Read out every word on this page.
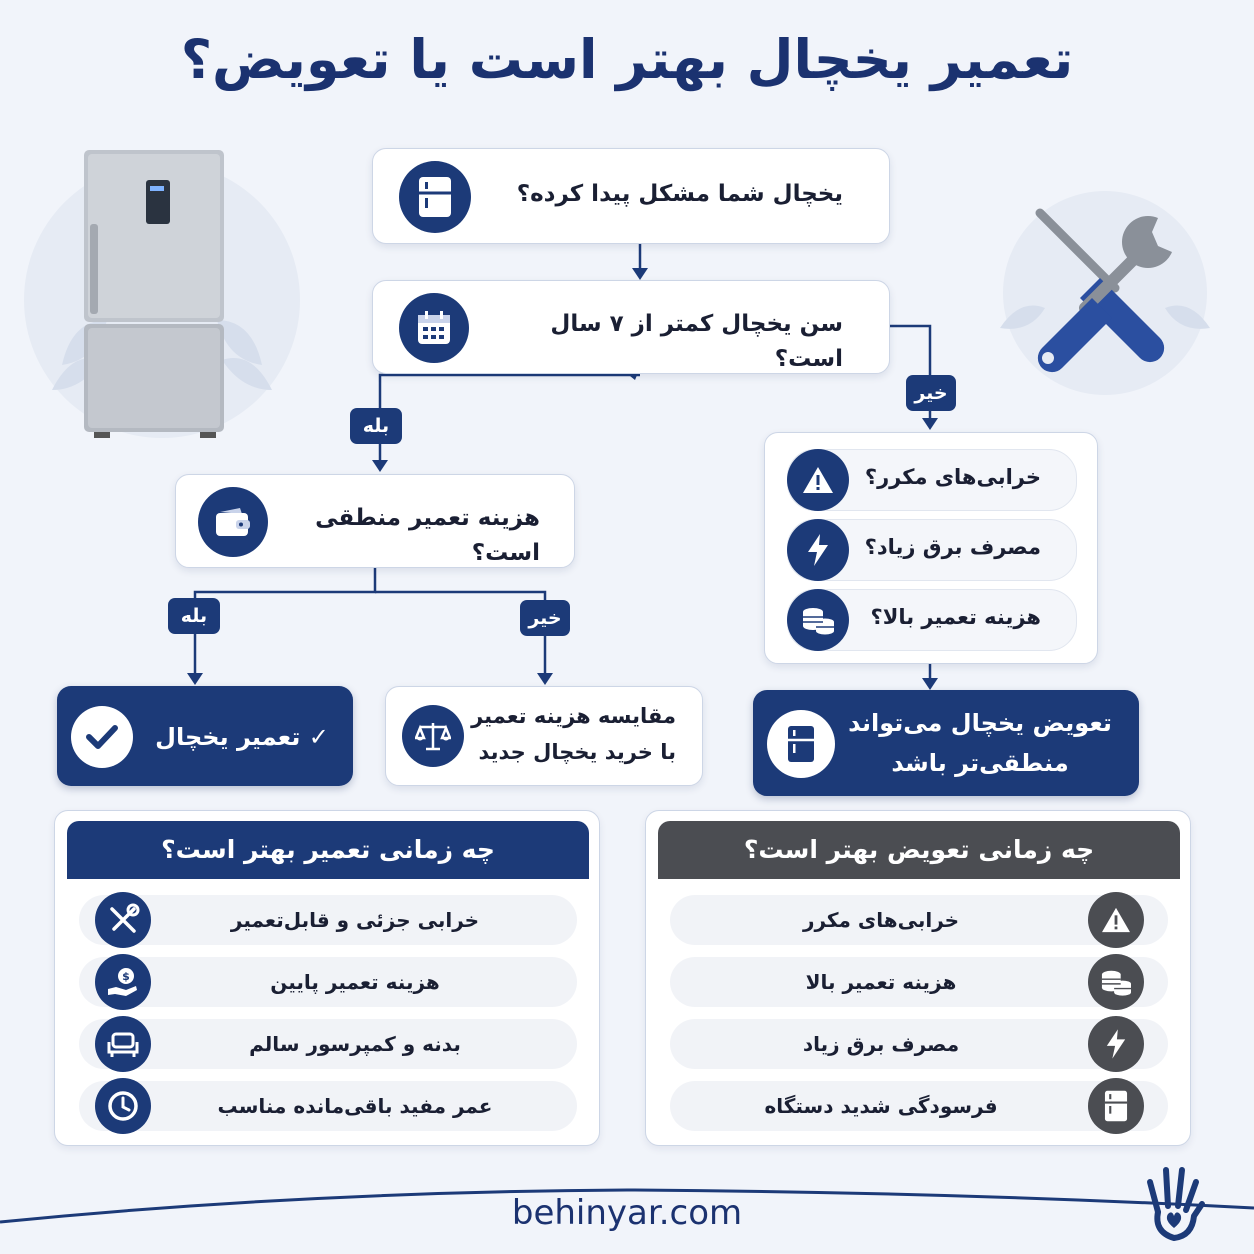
تعمیر یخچال بهتر است یا تعویض؟
یخچال شما مشکل پیدا کرده؟
سن یخچال کمتر از ۷ سال است؟
بله
خیر
هزینه تعمیر منطقی است؟
بله	خیر
خرابی‌های مکرر؟
مصرف برق زیاد؟
هزینه تعمیر بالا؟
✓ تعمیر یخچال
مقایسه هزینه تعمیر
با خرید یخچال جدید
تعویض یخچال می‌تواند
منطقی‌تر باشد
چه زمانی تعمیر بهتر است؟
$
خرابی جزئی و قابل‌تعمیر
هزینه تعمیر پایین
بدنه و کمپرسور سالم
عمر مفید باقی‌مانده مناسب
چه زمانی تعویض بهتر است؟
خرابی‌های مکرر
هزینه تعمیر بالا
مصرف برق زیاد
فرسودگی شدید دستگاه
behinyar.com
